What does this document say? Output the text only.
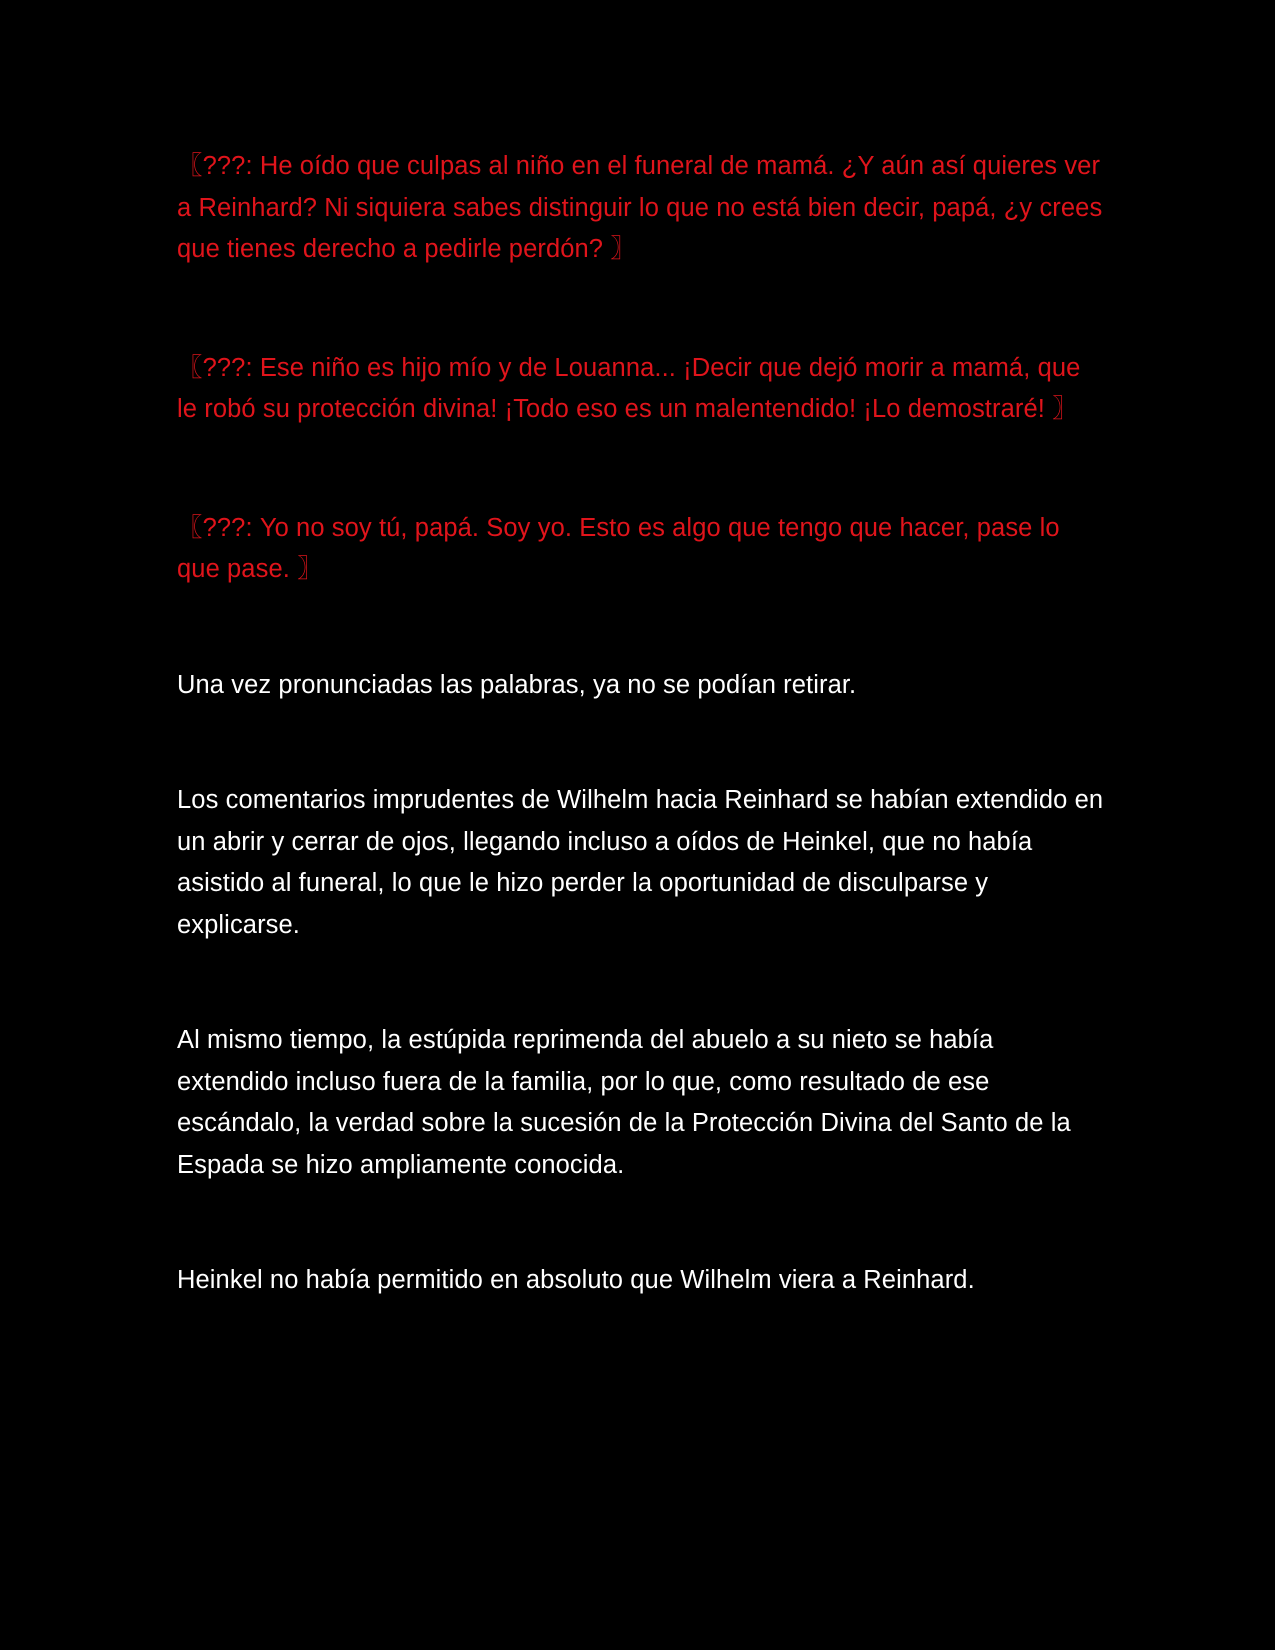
〖???: He oído que culpas al niño en el funeral de mamá. ¿Y aún así quieres ver a Reinhard? Ni siquiera sabes distinguir lo que no está bien decir, papá, ¿y crees que tienes derecho a pedirle perdón? 〗

〖???: Ese niño es hijo mío y de Louanna... ¡Decir que dejó morir a mamá, que le robó su protección divina! ¡Todo eso es un malentendido! ¡Lo demostraré! 〗

〖???: Yo no soy tú, papá. Soy yo. Esto es algo que tengo que hacer, pase lo que pase. 〗

Una vez pronunciadas las palabras, ya no se podían retirar.

Los comentarios imprudentes de Wilhelm hacia Reinhard se habían extendido en un abrir y cerrar de ojos, llegando incluso a oídos de Heinkel, que no había asistido al funeral, lo que le hizo perder la oportunidad de disculparse y explicarse.

Al mismo tiempo, la estúpida reprimenda del abuelo a su nieto se había extendido incluso fuera de la familia, por lo que, como resultado de ese escándalo, la verdad sobre la sucesión de la Protección Divina del Santo de la Espada se hizo ampliamente conocida.

Heinkel no había permitido en absoluto que Wilhelm viera a Reinhard.
